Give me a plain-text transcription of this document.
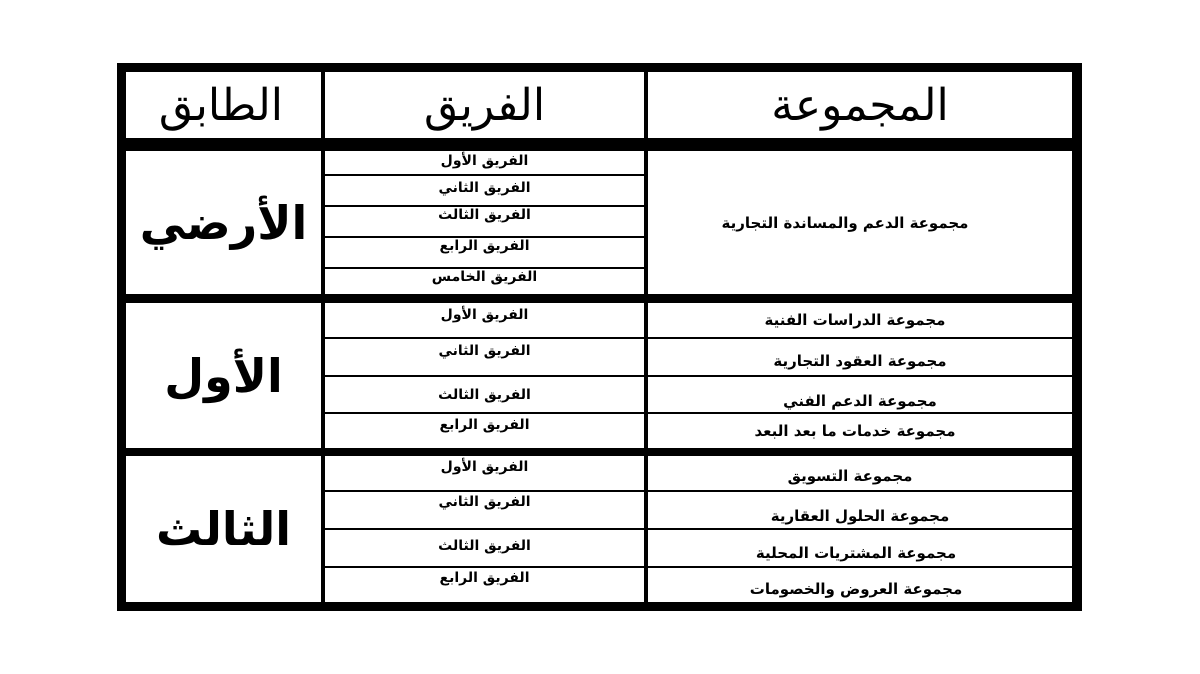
الطابق	الفريق	المجموعة
الأرضي
الفريق الأول
الفريق الثاني
الفريق الثالث
الفريق الرابع
الفريق الخامس
مجموعة الدعم والمساندة التجارية
الأول
الفريق الأول
الفريق الثاني
الفريق الثالث
الفريق الرابع
مجموعة الدراسات الفنية
مجموعة العقود التجارية
مجموعة الدعم الفني
مجموعة خدمات ما بعد البعد
الثالث
الفريق الأول
الفريق الثاني
الفريق الثالث
الفريق الرابع
مجموعة التسويق
مجموعة الحلول العقارية
مجموعة المشتريات المحلية
مجموعة العروض والخصومات
